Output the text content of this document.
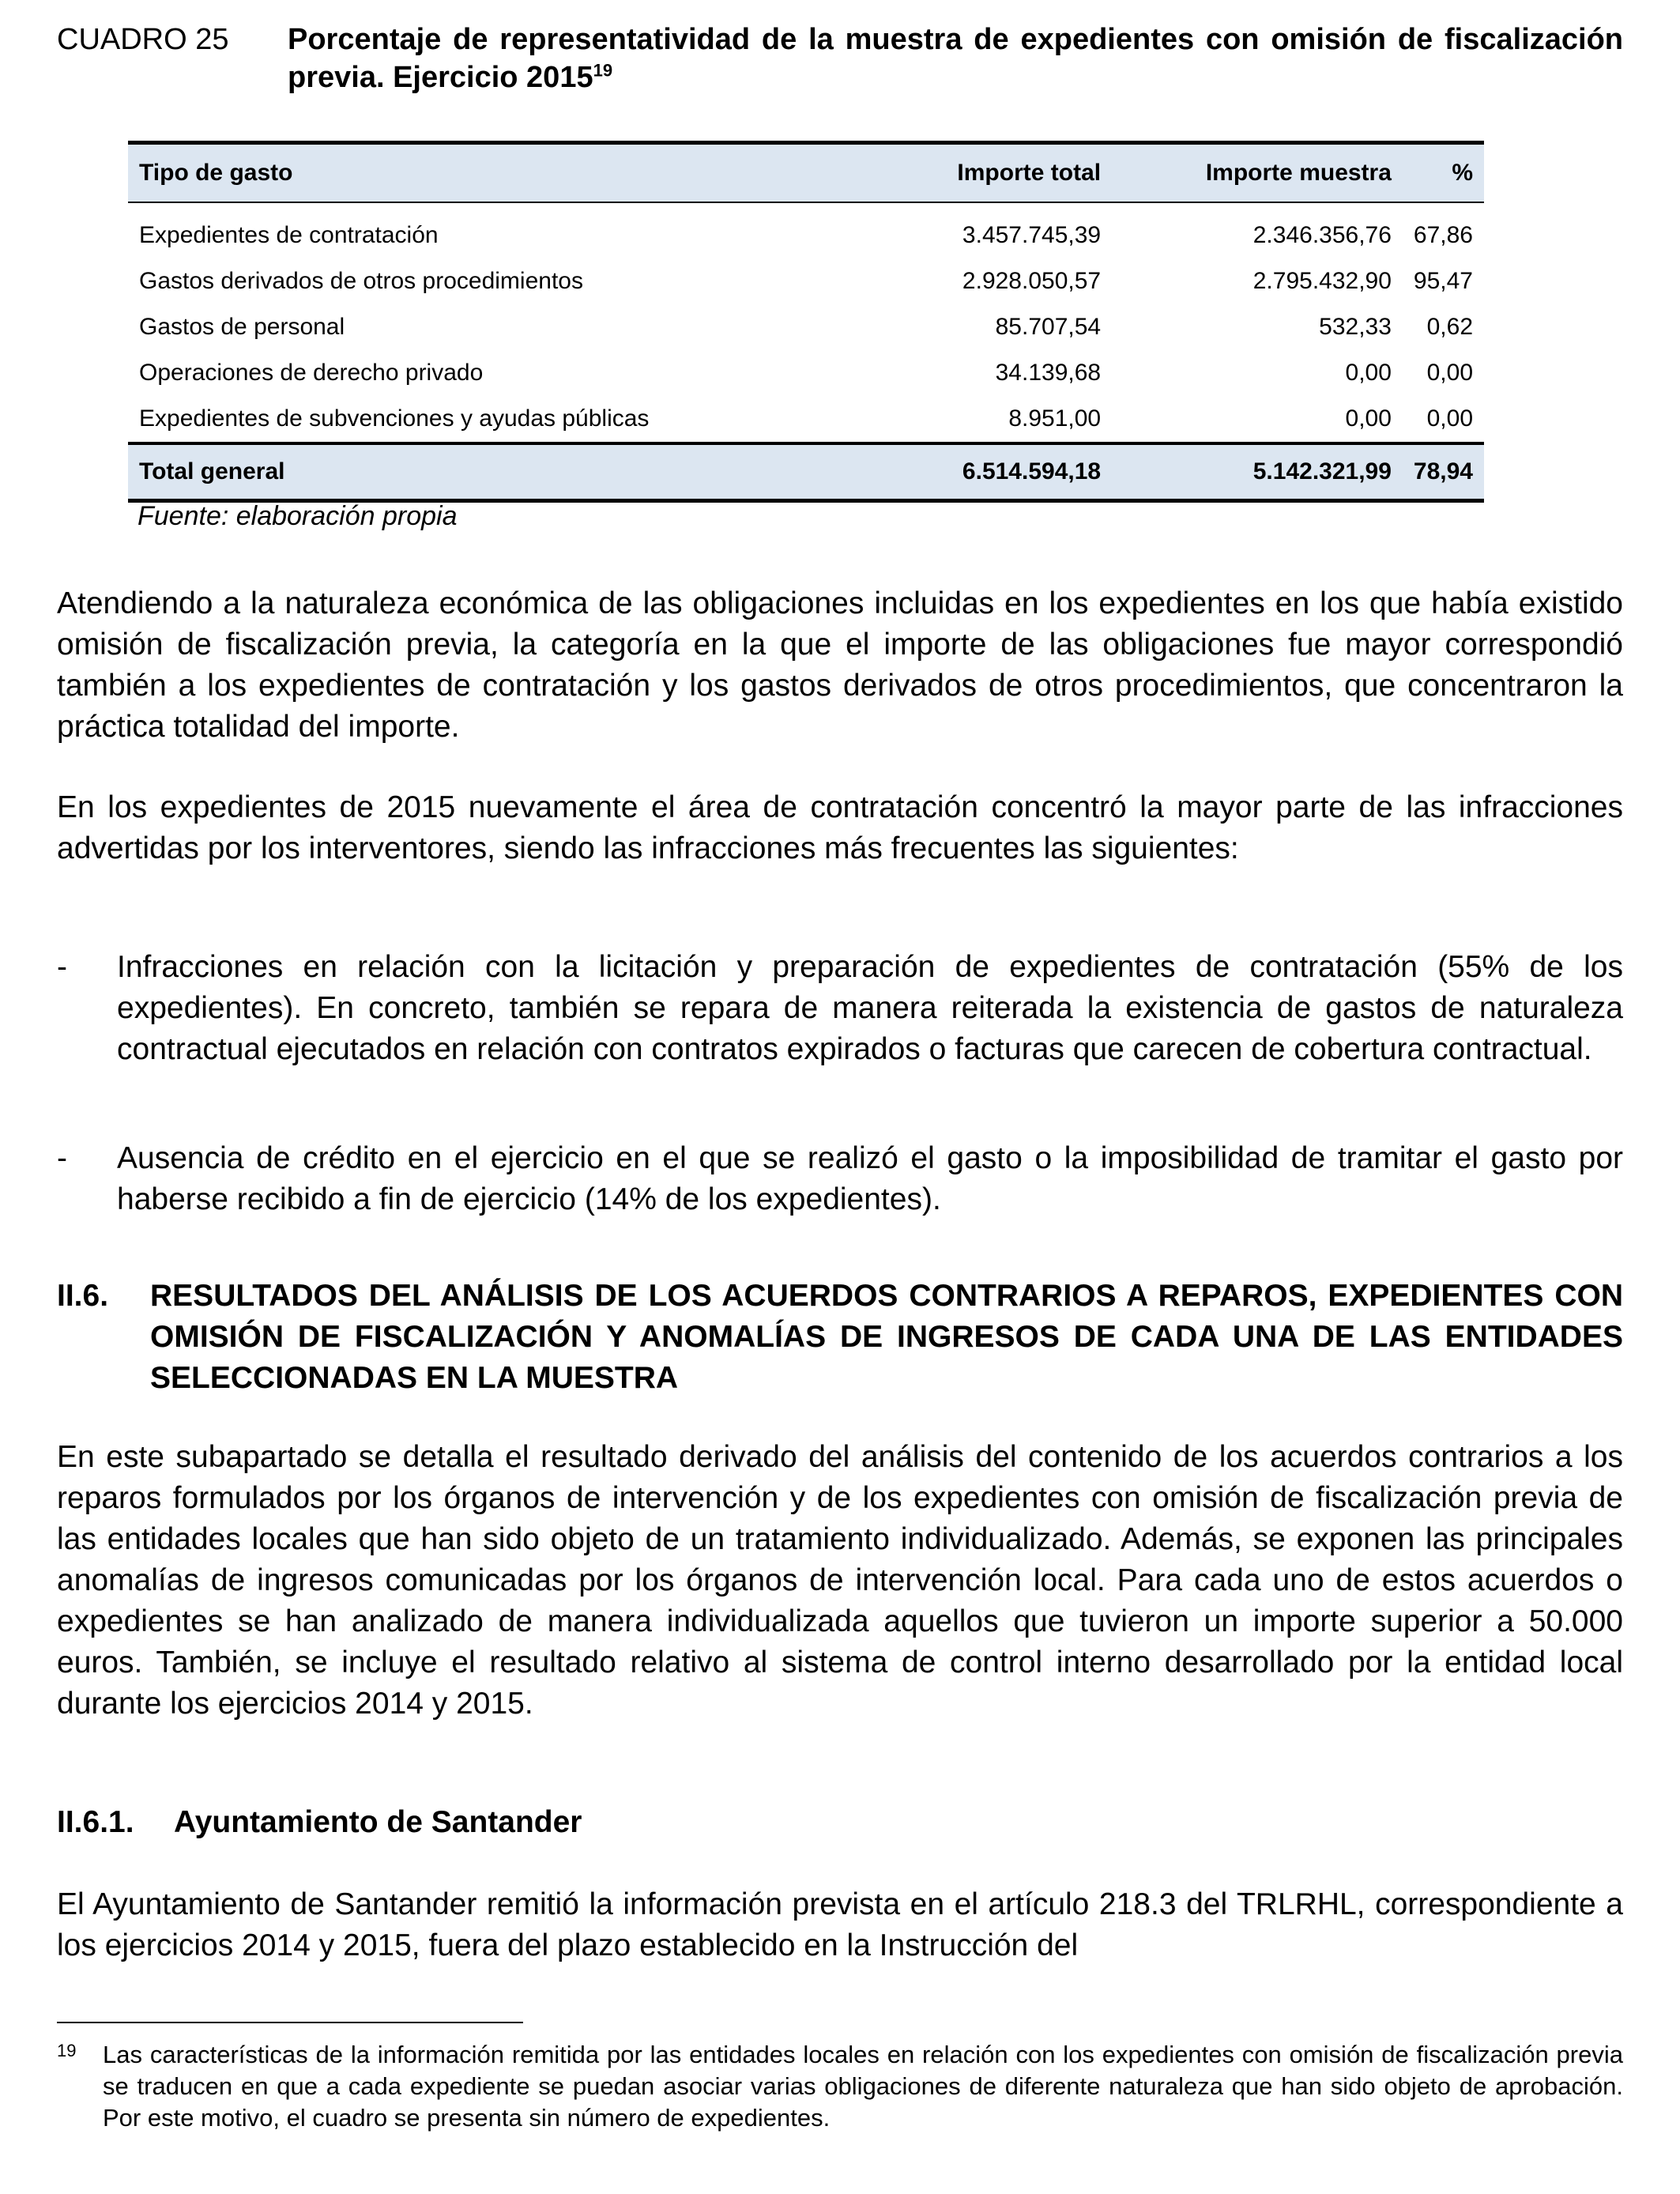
CUADRO 25	Porcentaje de representatividad de la muestra de expedientes con omisión de fiscalización previa. Ejercicio 2015$^{19}$
Tipo de gasto	Importe total	Importe muestra	%
Expedientes de contratación	3.457.745,39	2.346.356,76	67,86
Gastos derivados de otros procedimientos	2.928.050,57	2.795.432,90	95,47
Gastos de personal	85.707,54	532,33	0,62
Operaciones de derecho privado	34.139,68	0,00	0,00
Expedientes de subvenciones y ayudas públicas	8.951,00	0,00	0,00
Total general	6.514.594,18	5.142.321,99	78,94
Fuente: elaboración propia
Atendiendo a la naturaleza económica de las obligaciones incluidas en los expedientes en los que había existido omisión de fiscalización previa, la categoría en la que el importe de las obligaciones fue mayor correspondió también a los expedientes de contratación y los gastos derivados de otros procedimientos, que concentraron la práctica totalidad del importe.
En los expedientes de 2015 nuevamente el área de contratación concentró la mayor parte de las infracciones advertidas por los interventores, siendo las infracciones más frecuentes las siguientes:
-	Infracciones en relación con la licitación y preparación de expedientes de contratación (55% de los expedientes). En concreto, también se repara de manera reiterada la existencia de gastos de naturaleza contractual ejecutados en relación con contratos expirados o facturas que carecen de cobertura contractual.
-	Ausencia de crédito en el ejercicio en el que se realizó el gasto o la imposibilidad de tramitar el gasto por haberse recibido a fin de ejercicio (14% de los expedientes).
II.6.	RESULTADOS DEL ANÁLISIS DE LOS ACUERDOS CONTRARIOS A REPAROS, EXPEDIENTES CON OMISIÓN DE FISCALIZACIÓN Y ANOMALÍAS DE INGRESOS DE CADA UNA DE LAS ENTIDADES SELECCIONADAS EN LA MUESTRA
En este subapartado se detalla el resultado derivado del análisis del contenido de los acuerdos contrarios a los reparos formulados por los órganos de intervención y de los expedientes con omisión de fiscalización previa de las entidades locales que han sido objeto de un tratamiento individualizado. Además, se exponen las principales anomalías de ingresos comunicadas por los órganos de intervención local. Para cada uno de estos acuerdos o expedientes se han analizado de manera individualizada aquellos que tuvieron un importe superior a 50.000 euros. También, se incluye el resultado relativo al sistema de control interno desarrollado por la entidad local durante los ejercicios 2014 y 2015.
II.6.1.	Ayuntamiento de Santander
El Ayuntamiento de Santander remitió la información prevista en el artículo 218.3 del TRLRHL, correspondiente a los ejercicios 2014 y 2015, fuera del plazo establecido en la Instrucción del
19	Las características de la información remitida por las entidades locales en relación con los expedientes con omisión de fiscalización previa se traducen en que a cada expediente se puedan asociar varias obligaciones de diferente naturaleza que han sido objeto de aprobación. Por este motivo, el cuadro se presenta sin número de expedientes.
